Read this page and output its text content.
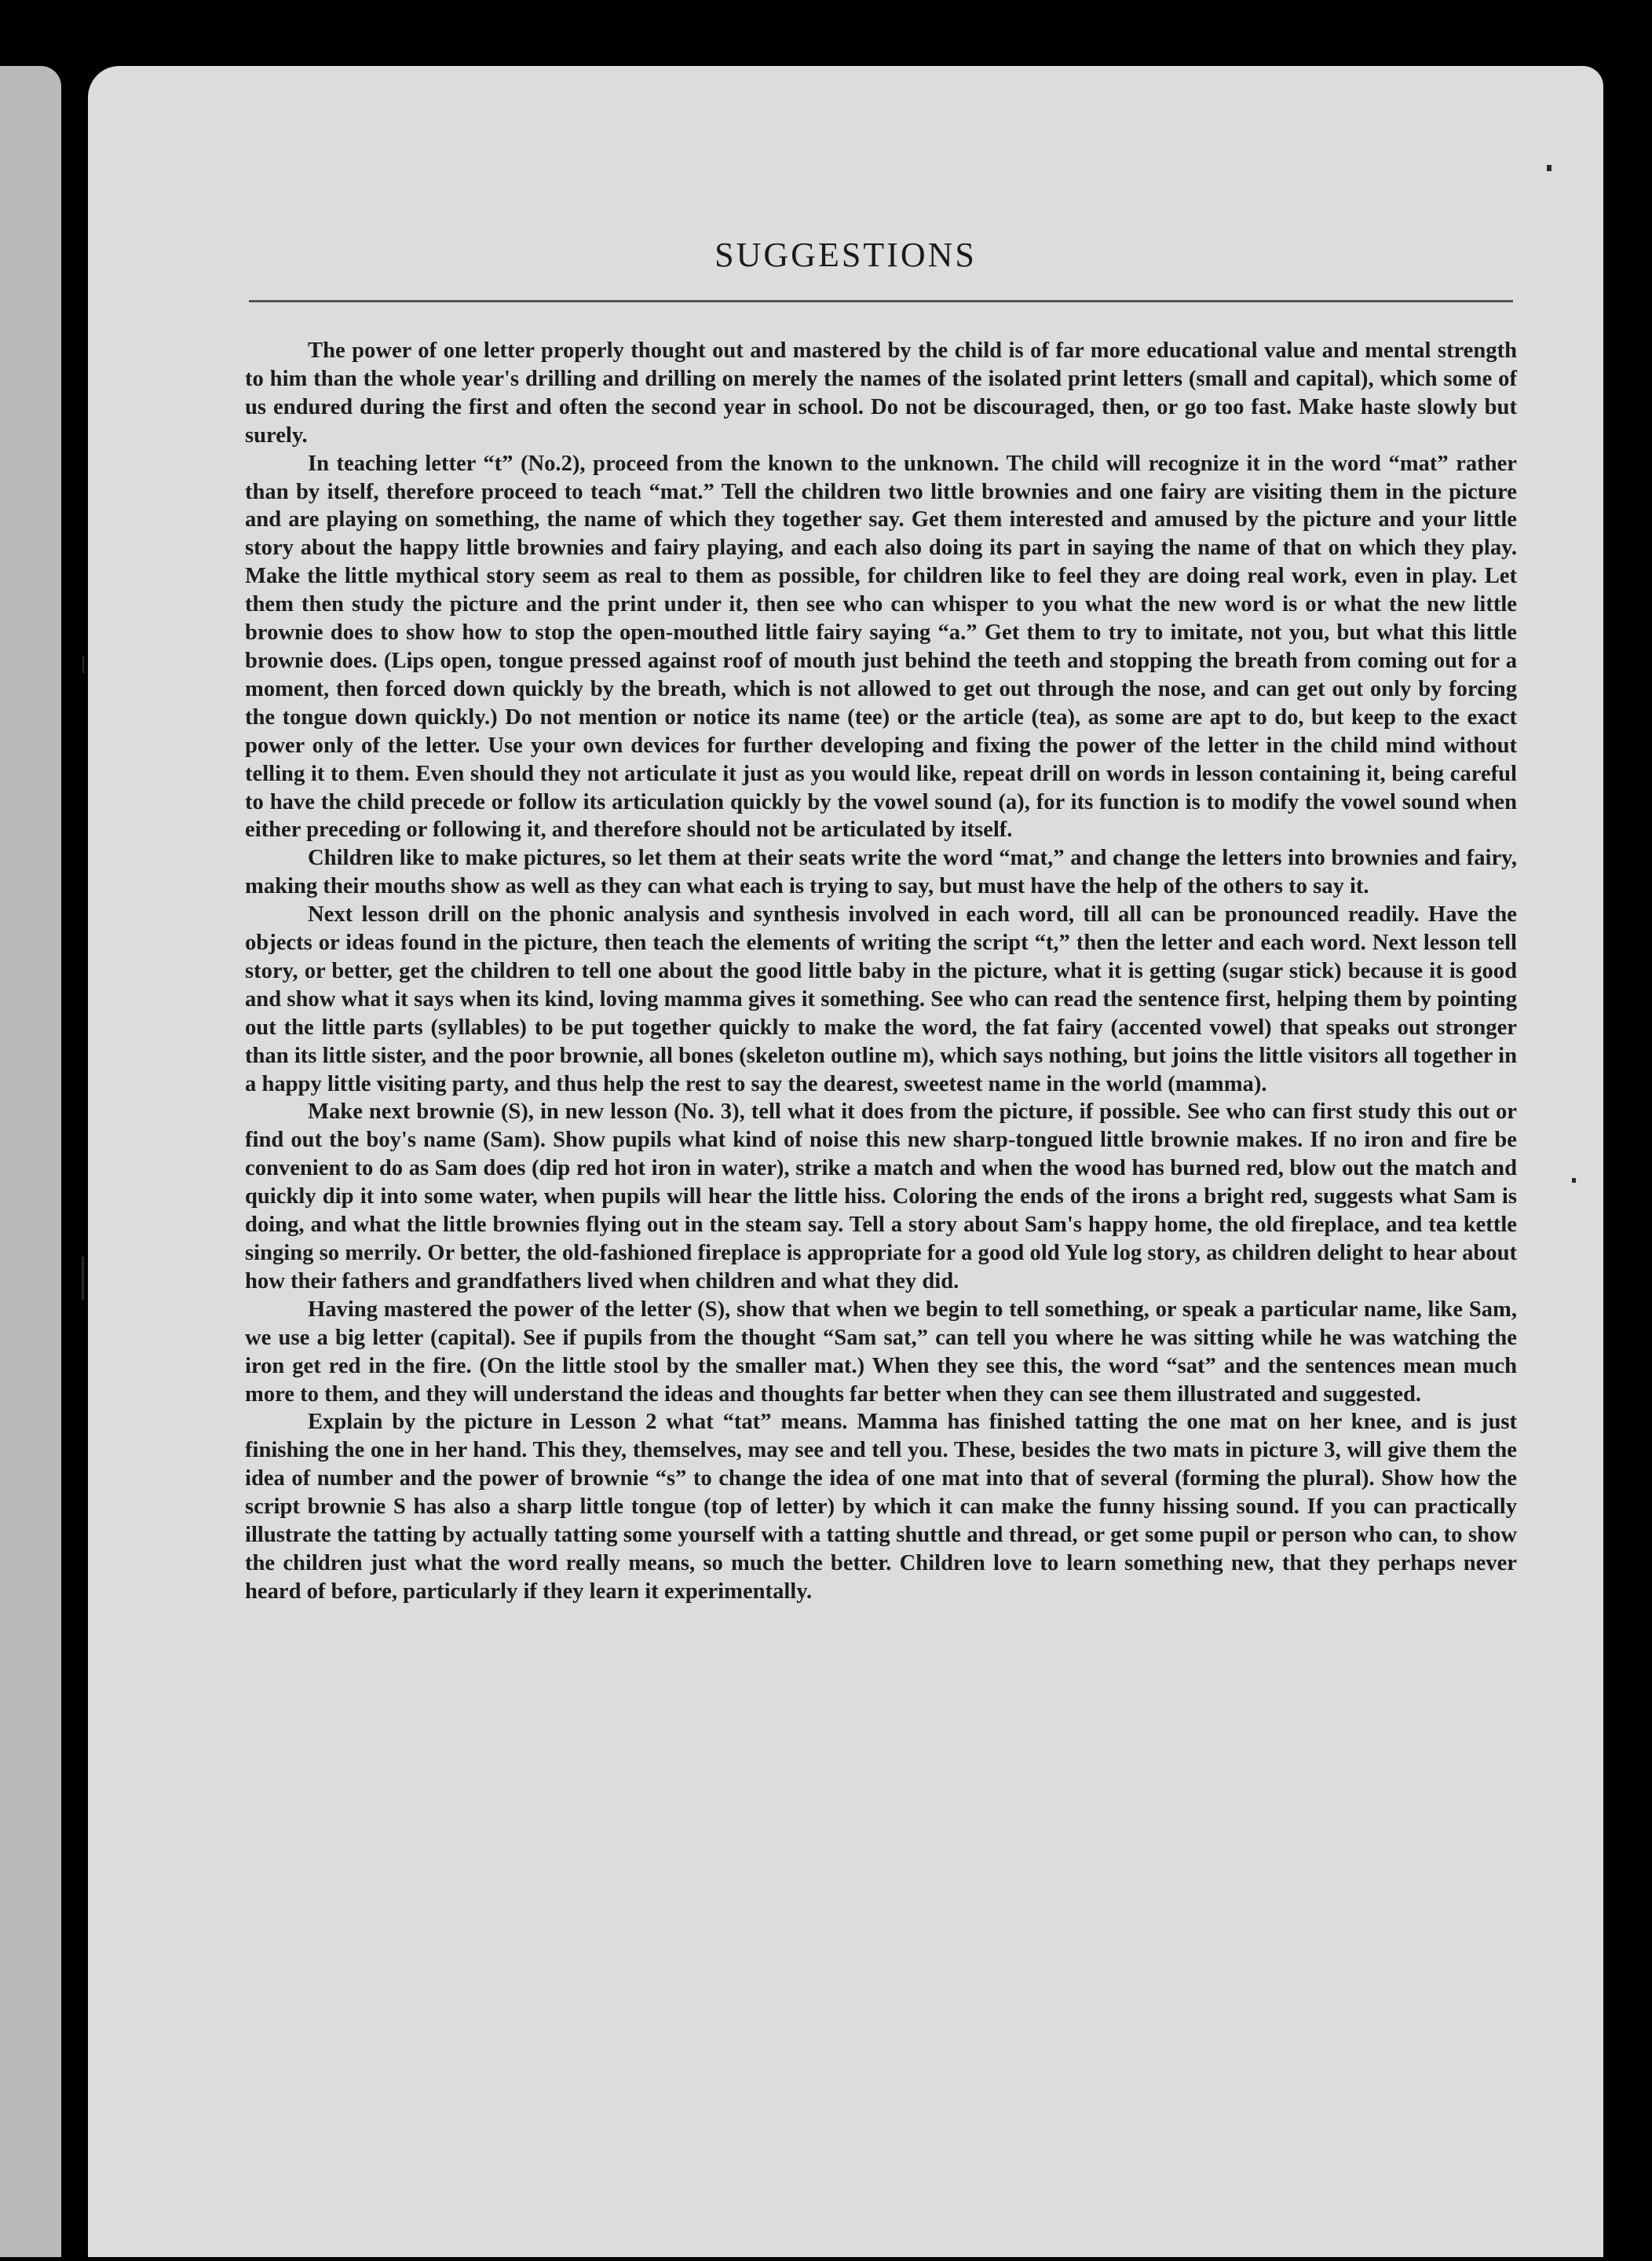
SUGGESTIONS

The power of one letter properly thought out and mastered by the child is of far more educational value and mental strength to him than the whole year's drilling and drilling on merely the names of the isolated print letters (small and capital), which some of us endured during the first and often the second year in school. Do not be discouraged, then, or go too fast. Make haste slowly but surely.

In teaching letter “t” (No.2), proceed from the known to the unknown. The child will recognize it in the word “mat” rather than by itself, therefore proceed to teach “mat.” Tell the children two little brownies and one fairy are visiting them in the picture and are playing on something, the name of which they together say. Get them interested and amused by the picture and your little story about the happy little brownies and fairy playing, and each also doing its part in saying the name of that on which they play. Make the little mythical story seem as real to them as possible, for children like to feel they are doing real work, even in play. Let them then study the picture and the print under it, then see who can whisper to you what the new word is or what the new little brownie does to show how to stop the open-mouthed little fairy saying “a.” Get them to try to imitate, not you, but what this little brownie does. (Lips open, tongue pressed against roof of mouth just behind the teeth and stopping the breath from coming out for a moment, then forced down quickly by the breath, which is not allowed to get out through the nose, and can get out only by forcing the tongue down quickly.) Do not mention or notice its name (tee) or the article (tea), as some are apt to do, but keep to the exact power only of the letter. Use your own devices for further developing and fixing the power of the letter in the child mind without telling it to them. Even should they not articulate it just as you would like, repeat drill on words in lesson containing it, being careful to have the child precede or follow its articulation quickly by the vowel sound (a), for its function is to modify the vowel sound when either preceding or following it, and therefore should not be articulated by itself.

Children like to make pictures, so let them at their seats write the word “mat,” and change the letters into brownies and fairy, making their mouths show as well as they can what each is trying to say, but must have the help of the others to say it.

Next lesson drill on the phonic analysis and synthesis involved in each word, till all can be pronounced readily. Have the objects or ideas found in the picture, then teach the elements of writing the script “t,” then the letter and each word. Next lesson tell story, or better, get the children to tell one about the good little baby in the picture, what it is getting (sugar stick) because it is good and show what it says when its kind, loving mamma gives it something. See who can read the sentence first, helping them by pointing out the little parts (syllables) to be put together quickly to make the word, the fat fairy (accented vowel) that speaks out stronger than its little sister, and the poor brownie, all bones (skeleton outline m), which says nothing, but joins the little visitors all together in a happy little visiting party, and thus help the rest to say the dearest, sweetest name in the world (mamma).

Make next brownie (S), in new lesson (No. 3), tell what it does from the picture, if possible. See who can first study this out or find out the boy's name (Sam). Show pupils what kind of noise this new sharp-tongued little brownie makes. If no iron and fire be convenient to do as Sam does (dip red hot iron in water), strike a match and when the wood has burned red, blow out the match and quickly dip it into some water, when pupils will hear the little hiss. Coloring the ends of the irons a bright red, suggests what Sam is doing, and what the little brownies flying out in the steam say. Tell a story about Sam's happy home, the old fireplace, and tea kettle singing so merrily. Or better, the old-fashioned fireplace is appropriate for a good old Yule log story, as children delight to hear about how their fathers and grandfathers lived when children and what they did.

Having mastered the power of the letter (S), show that when we begin to tell something, or speak a particular name, like Sam, we use a big letter (capital). See if pupils from the thought “Sam sat,” can tell you where he was sitting while he was watching the iron get red in the fire. (On the little stool by the smaller mat.) When they see this, the word “sat” and the sentences mean much more to them, and they will understand the ideas and thoughts far better when they can see them illustrated and suggested.

Explain by the picture in Lesson 2 what “tat” means. Mamma has finished tatting the one mat on her knee, and is just finishing the one in her hand. This they, themselves, may see and tell you. These, besides the two mats in picture 3, will give them the idea of number and the power of brownie “s” to change the idea of one mat into that of several (forming the plural). Show how the script brownie S has also a sharp little tongue (top of letter) by which it can make the funny hissing sound. If you can practically illustrate the tatting by actually tatting some yourself with a tatting shuttle and thread, or get some pupil or person who can, to show the children just what the word really means, so much the better. Children love to learn something new, that they perhaps never heard of before, particularly if they learn it experimentally.
